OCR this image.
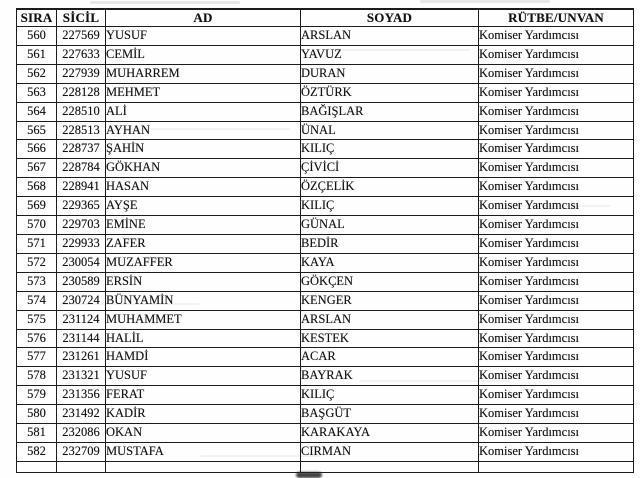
SIRA	SİCİL	AD	SOYAD	RÜTBE/UNVAN
560	227569	YUSUF	ARSLAN	Komiser Yardımcısı
561	227633	CEMİL	YAVUZ	Komiser Yardımcısı
562	227939	MUHARREM	DURAN	Komiser Yardımcısı
563	228128	MEHMET	ÖZTÜRK	Komiser Yardımcısı
564	228510	ALİ	BAĞIŞLAR	Komiser Yardımcısı
565	228513	AYHAN	ÜNAL	Komiser Yardımcısı
566	228737	ŞAHİN	KILIÇ	Komiser Yardımcısı
567	228784	GÖKHAN	ÇİVİCİ	Komiser Yardımcısı
568	228941	HASAN	ÖZÇELİK	Komiser Yardımcısı
569	229365	AYŞE	KILIÇ	Komiser Yardımcısı
570	229703	EMİNE	GÜNAL	Komiser Yardımcısı
571	229933	ZAFER	BEDİR	Komiser Yardımcısı
572	230054	MUZAFFER	KAYA	Komiser Yardımcısı
573	230589	ERSİN	GÖKÇEN	Komiser Yardımcısı
574	230724	BÜNYAMİN	KENGER	Komiser Yardımcısı
575	231124	MUHAMMET	ARSLAN	Komiser Yardımcısı
576	231144	HALİL	KESTEK	Komiser Yardımcısı
577	231261	HAMDİ	ACAR	Komiser Yardımcısı
578	231321	YUSUF	BAYRAK	Komiser Yardımcısı
579	231356	FERAT	KILIÇ	Komiser Yardımcısı
580	231492	KADİR	BAŞGÜT	Komiser Yardımcısı
581	232086	OKAN	KARAKAYA	Komiser Yardımcısı
582	232709	MUSTAFA	CIRMAN	Komiser Yardımcısı
